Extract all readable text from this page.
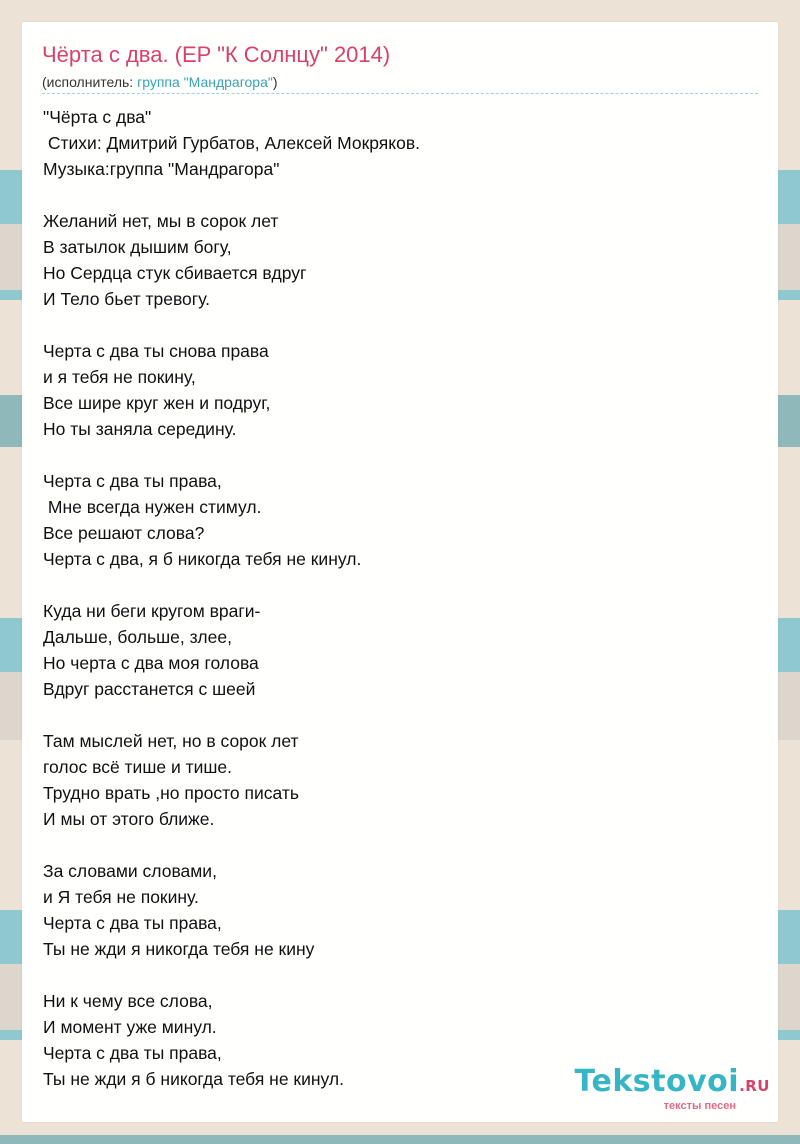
Чёрта с два. (EP "К Солнцу" 2014)
(исполнитель: группа "Мандрагора")
"Чёрта с два"
Стихи: Дмитрий Гурбатов, Алексей Мокряков.
Музыка:группа "Мандрагора"
Желаний нет, мы в сорок лет
В затылок дышим богу,
Но Сердца стук сбивается вдруг
И Тело бьет тревогу.
Черта с два ты снова права
и я тебя не покину,
Все шире круг жен и подруг,
Но ты заняла середину.
Черта с два ты права,
Мне всегда нужен стимул.
Все решают слова?
Черта с два, я б никогда тебя не кинул.
Куда ни беги кругом враги-
Дальше, больше, злее,
Но черта с два моя голова
Вдруг расстанется с шеей
Там мыслей нет, но в сорок лет
голос всё тише и тише.
Трудно врать ,но просто писать
И мы от этого ближе.
За словами словами,
и Я тебя не покину.
Черта с два ты права,
Ты не жди я никогда тебя не кину
Ни к чему все слова,
И момент уже минул.
Черта с два ты права,
Ты не жди я б никогда тебя не кинул.	Tekstovoi.RU
тексты песен
